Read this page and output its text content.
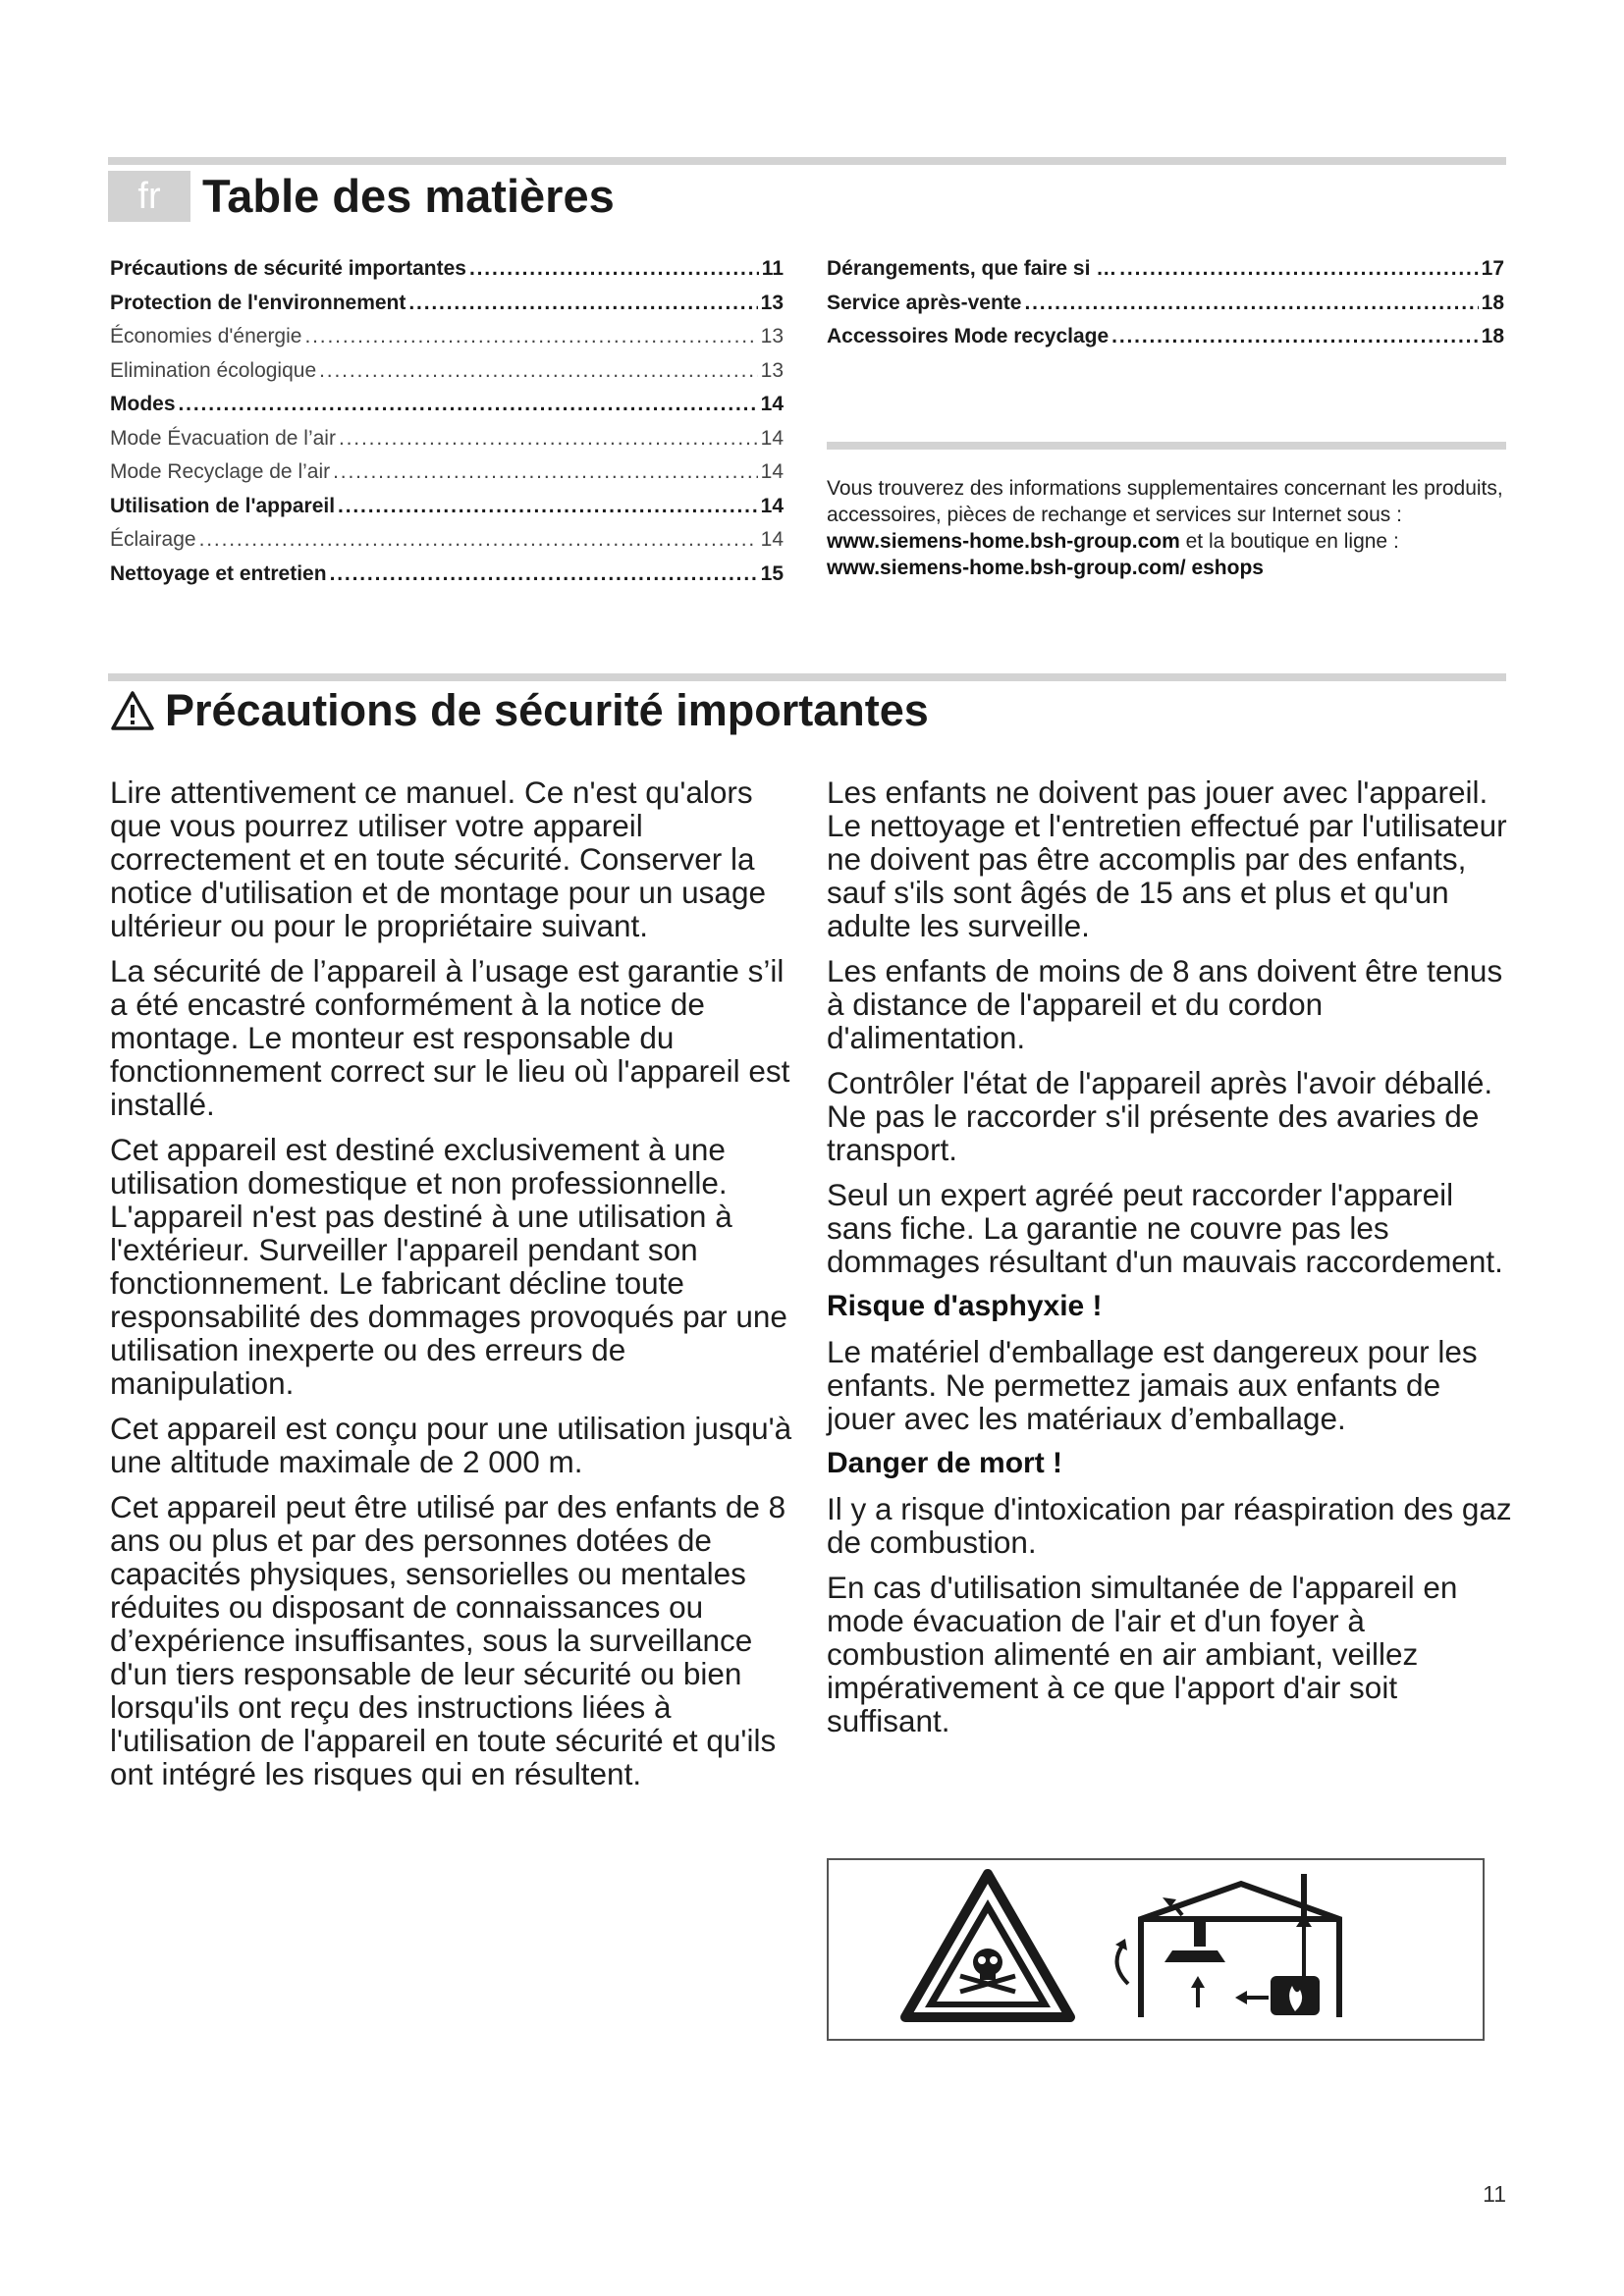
fr Table des matières
Précautions de sécurité importantes . . .	11
Protection de l'environnement . . .	13
Économies d'énergie . . .	13
Elimination écologique . . .	13
Modes . . .	14
Mode Évacuation de l’air . . .	14
Mode Recyclage de l’air . . .	14
Utilisation de l'appareil . . .	14
Éclairage . . .	14
Nettoyage et entretien . . .	15
Dérangements, que faire si … . . .	17
Service après-vente . . .	18
Accessoires Mode recyclage . . .	18
Vous trouverez des informations supplementaires concernant les produits, accessoires, pièces de rechange et services sur Internet sous : www.siemens-home.bsh-group.com et la boutique en ligne : www.siemens-home.bsh-group.com/ eshops
Précautions de sécurité importantes

Lire attentivement ce manuel. Ce n'est qu'alors que vous pourrez utiliser votre appareil correctement et en toute sécurité. Conserver la notice d'utilisation et de montage pour un usage ultérieur ou pour le propriétaire suivant.

La sécurité de l’appareil à l’usage est garantie s’il a été encastré conformément à la notice de montage. Le monteur est responsable du fonctionnement correct sur le lieu où l'appareil est installé.

Cet appareil est destiné exclusivement à une utilisation domestique et non professionnelle. L'appareil n'est pas destiné à une utilisation à l'extérieur. Surveiller l'appareil pendant son fonctionnement. Le fabricant décline toute responsabilité des dommages provoqués par une utilisation inexperte ou des erreurs de manipulation.

Cet appareil est conçu pour une utilisation jusqu'à une altitude maximale de 2 000 m.

Cet appareil peut être utilisé par des enfants de 8 ans ou plus et par des personnes dotées de capacités physiques, sensorielles ou mentales réduites ou disposant de connaissances ou d’expérience insuffisantes, sous la surveillance d'un tiers responsable de leur sécurité ou bien lorsqu'ils ont reçu des instructions liées à l'utilisation de l'appareil en toute sécurité et qu'ils ont intégré les risques qui en résultent.

Les enfants ne doivent pas jouer avec l'appareil. Le nettoyage et l'entretien effectué par l'utilisateur ne doivent pas être accomplis par des enfants, sauf s'ils sont âgés de 15 ans et plus et qu'un adulte les surveille.

Les enfants de moins de 8 ans doivent être tenus à distance de l'appareil et du cordon d'alimentation.

Contrôler l'état de l'appareil après l'avoir déballé. Ne pas le raccorder s'il présente des avaries de transport.

Seul un expert agréé peut raccorder l'appareil sans fiche. La garantie ne couvre pas les dommages résultant d'un mauvais raccordement.

Risque d'asphyxie !

Le matériel d'emballage est dangereux pour les enfants. Ne permettez jamais aux enfants de jouer avec les matériaux d’emballage.

Danger de mort !

Il y a risque d'intoxication par réaspiration des gaz de combustion.

En cas d'utilisation simultanée de l'appareil en mode évacuation de l'air et d'un foyer à combustion alimenté en air ambiant, veillez impérativement à ce que l'apport d'air soit suffisant.

11
